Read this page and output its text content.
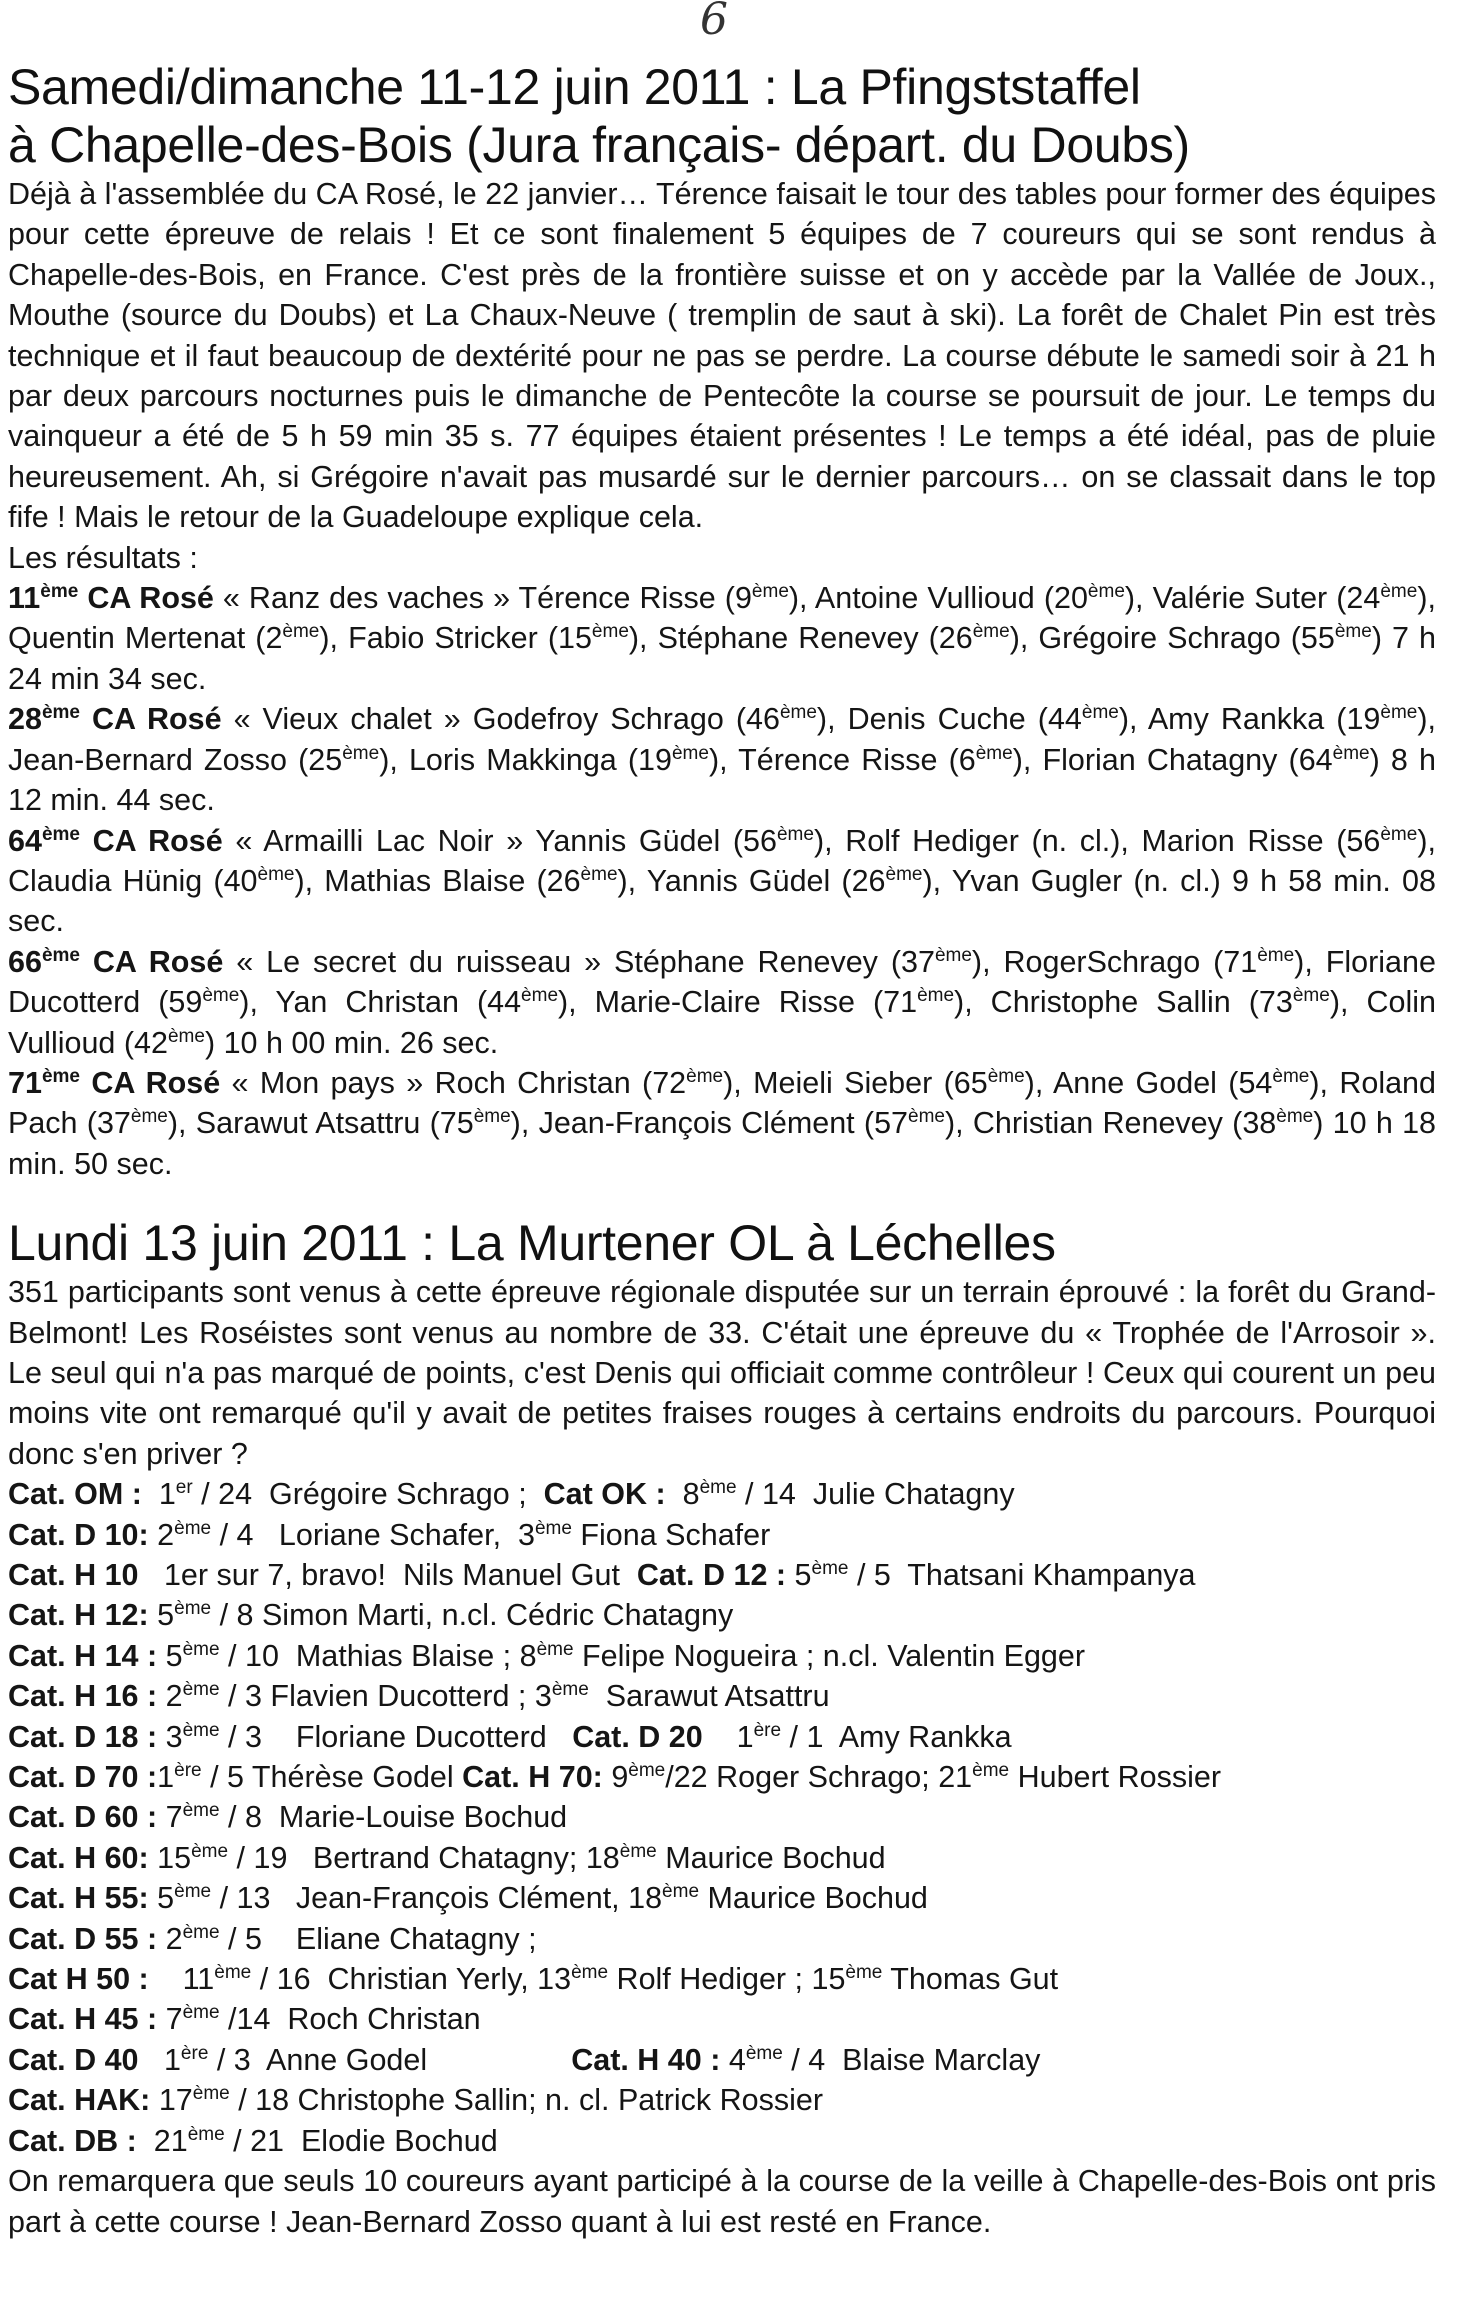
6

Samedi/dimanche 11-12 juin 2011 : La Pfingststaffel
à Chapelle-des-Bois (Jura français- départ. du Doubs)

Déjà à l'assemblée du CA Rosé, le 22 janvier… Térence faisait le tour des tables pour former des équipes pour cette épreuve de relais ! Et ce sont finalement 5 équipes de 7 coureurs qui se sont rendus à Chapelle-des-Bois, en France. C'est près de la frontière suisse et on y accède par la Vallée de Joux., Mouthe (source du Doubs) et La Chaux-Neuve ( tremplin de saut à ski). La forêt de Chalet Pin est très technique et il faut beaucoup de dextérité pour ne pas se perdre. La course débute le samedi soir à 21 h par deux parcours nocturnes puis le dimanche de Pentecôte la course se poursuit de jour. Le temps du vainqueur a été de 5 h 59 min 35 s. 77 équipes étaient présentes ! Le temps a été idéal, pas de pluie heureusement. Ah, si Grégoire n'avait pas musardé sur le dernier parcours… on se classait dans le top fife ! Mais le retour de la Guadeloupe explique cela.

Les résultats :

11ème CA Rosé « Ranz des vaches » Térence Risse (9ème), Antoine Vullioud (20ème), Valérie Suter (24ème), Quentin Mertenat (2ème), Fabio Stricker (15ème), Stéphane Renevey (26ème), Grégoire Schrago (55ème) 7 h 24 min 34 sec.

28ème CA Rosé « Vieux chalet » Godefroy Schrago (46ème), Denis Cuche (44ème), Amy Rankka (19ème), Jean-Bernard Zosso (25ème), Loris Makkinga (19ème), Térence Risse (6ème), Florian Chatagny (64ème) 8 h 12 min. 44 sec.

64ème CA Rosé « Armailli Lac Noir » Yannis Güdel (56ème), Rolf Hediger (n. cl.), Marion Risse (56ème), Claudia Hünig (40ème), Mathias Blaise (26ème), Yannis Güdel (26ème), Yvan Gugler (n. cl.) 9 h 58 min. 08 sec.

66ème CA Rosé « Le secret du ruisseau » Stéphane Renevey (37ème), RogerSchrago (71ème), Floriane Ducotterd (59ème), Yan Christan (44ème), Marie-Claire Risse (71ème), Christophe Sallin (73ème), Colin Vullioud (42ème) 10 h 00 min. 26 sec.

71ème CA Rosé « Mon pays » Roch Christan (72ème), Meieli Sieber (65ème), Anne Godel (54ème), Roland Pach (37ème), Sarawut Atsattru (75ème), Jean-François Clément (57ème), Christian Renevey (38ème) 10 h 18 min. 50 sec.

Lundi 13 juin 2011 : La Murtener OL à Léchelles

351 participants sont venus à cette épreuve régionale disputée sur un terrain éprouvé : la forêt du Grand-Belmont! Les Roséistes sont venus au nombre de 33. C'était une épreuve du « Trophée de l'Arrosoir ». Le seul qui n'a pas marqué de points, c'est Denis qui officiait comme contrôleur ! Ceux qui courent un peu moins vite ont remarqué qu'il y avait de petites fraises rouges à certains endroits du parcours. Pourquoi donc s'en priver ?

Cat. OM :  1er / 24  Grégoire Schrago ;  Cat OK :  8ème / 14  Julie Chatagny
Cat. D 10: 2ème / 4   Loriane Schafer,  3ème Fiona Schafer
Cat. H 10 1er sur 7, bravo!  Nils Manuel Gut  Cat. D 12 : 5ème / 5  Thatsani Khampanya
Cat. H 12: 5ème / 8 Simon Marti, n.cl. Cédric Chatagny
Cat. H 14 : 5ème / 10  Mathias Blaise ; 8ème Felipe Nogueira ; n.cl. Valentin Egger
Cat. H 16 : 2ème / 3 Flavien Ducotterd ; 3ème  Sarawut Atsattru
Cat. D 18 : 3ème / 3    Floriane Ducotterd   Cat. D 20 1ère / 1  Amy Rankka
Cat. D 70 :1ère / 5 Thérèse Godel Cat. H 70: 9ème/22 Roger Schrago; 21ème Hubert Rossier
Cat. D 60 : 7ème / 8  Marie-Louise Bochud
Cat. H 60: 15ème / 19   Bertrand Chatagny; 18ème Maurice Bochud
Cat. H 55: 5ème / 13   Jean-François Clément, 18ème Maurice Bochud
Cat. D 55 : 2ème / 5    Eliane Chatagny ;
Cat H 50 :    11ème / 16  Christian Yerly, 13ème Rolf Hediger ; 15ème Thomas Gut
Cat. H 45 : 7ème /14  Roch Christan
Cat. D 40 1ère / 3  Anne Godel                 Cat. H 40 : 4ème / 4  Blaise Marclay
Cat. HAK: 17ème / 18 Christophe Sallin; n. cl. Patrick Rossier
Cat. DB :  21ème / 21  Elodie Bochud

On remarquera que seuls 10 coureurs ayant participé à la course de la veille à Chapelle-des-Bois ont pris part à cette course ! Jean-Bernard Zosso quant à lui est resté en France.
